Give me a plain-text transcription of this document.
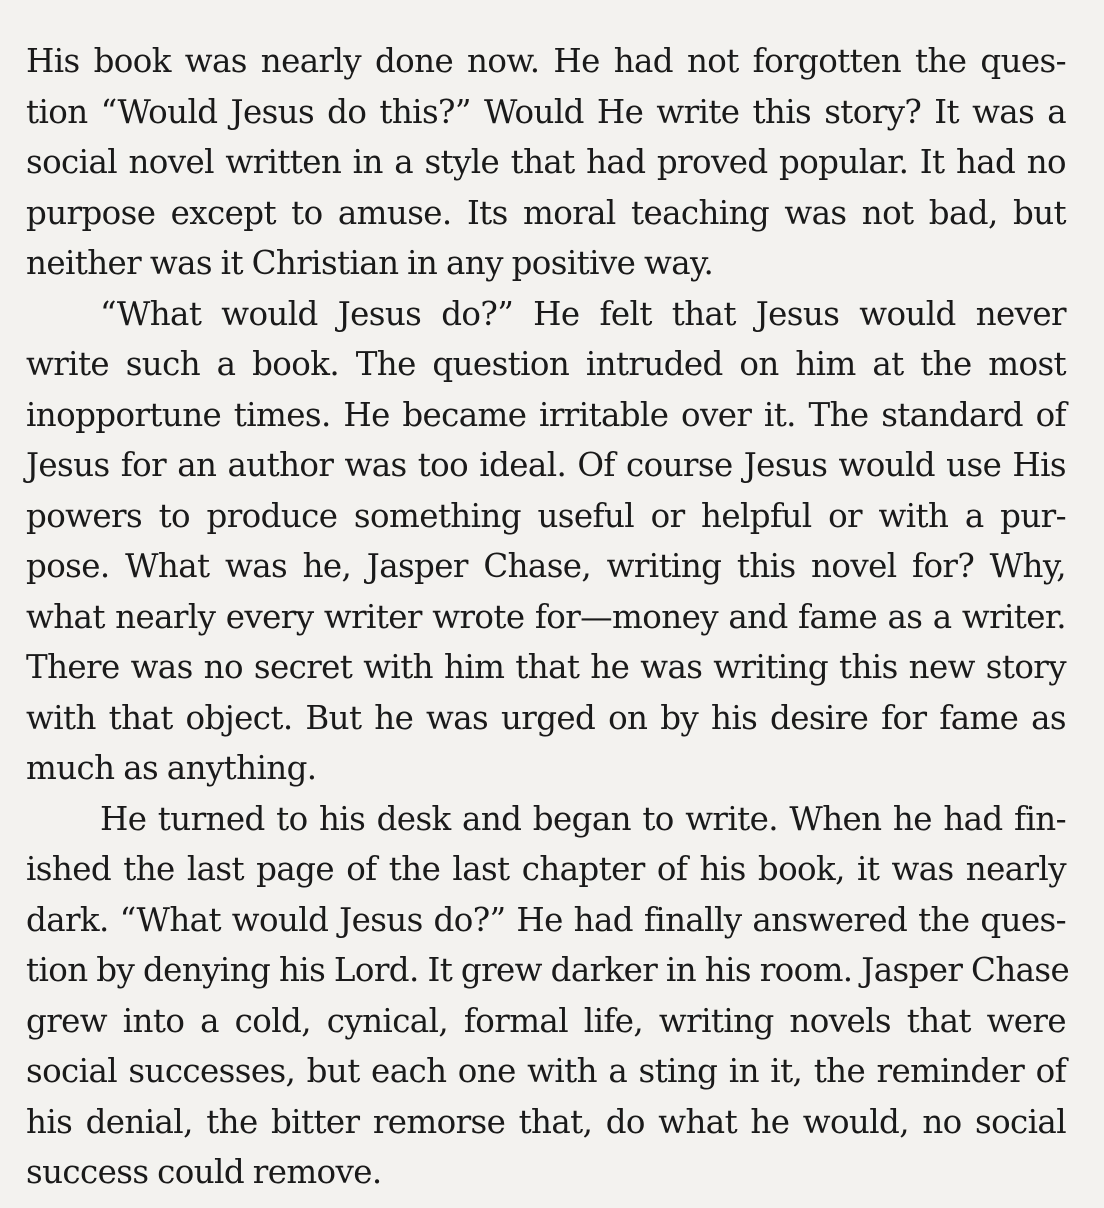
His book was nearly done now. He had not forgotten the ques-
tion “Would Jesus do this?” Would He write this story? It was a
social novel written in a style that had proved popular. It had no
purpose except to amuse. Its moral teaching was not bad, but
neither was it Christian in any positive way.
“What would Jesus do?” He felt that Jesus would never
write such a book. The question intruded on him at the most
inopportune times. He became irritable over it. The standard of
Jesus for an author was too ideal. Of course Jesus would use His
powers to produce something useful or helpful or with a pur-
pose. What was he, Jasper Chase, writing this novel for? Why,
what nearly every writer wrote for—money and fame as a writer.
There was no secret with him that he was writing this new story
with that object. But he was urged on by his desire for fame as
much as anything.
He turned to his desk and began to write. When he had fin-
ished the last page of the last chapter of his book, it was nearly
dark. “What would Jesus do?” He had finally answered the ques-
tion by denying his Lord. It grew darker in his room. Jasper Chase
grew into a cold, cynical, formal life, writing novels that were
social successes, but each one with a sting in it, the reminder of
his denial, the bitter remorse that, do what he would, no social
success could remove.
